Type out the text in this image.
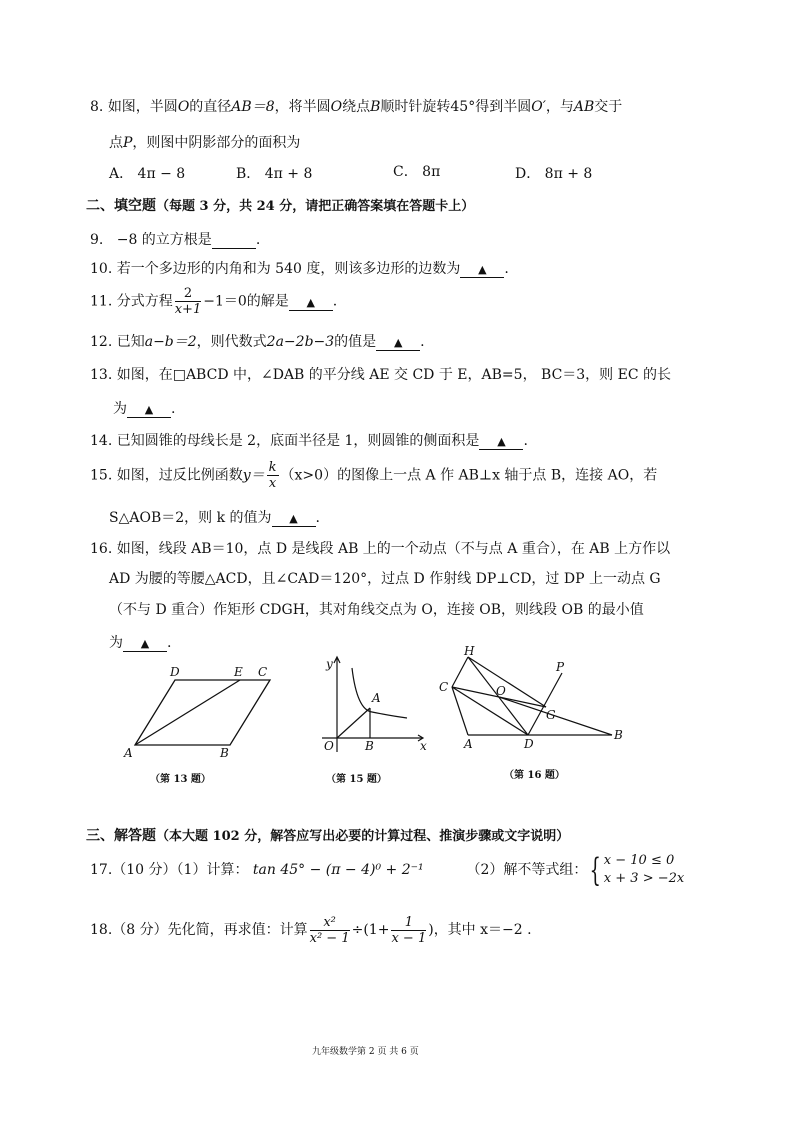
8. 如图，半圆O的直径AB＝8，将半圆O绕点B顺时针旋转45°得到半圆O′，与AB交于
点P，则图中阴影部分的面积为
A． 4π − 8	B． 4π + 8	C． 8π	D． 8π + 8
二、填空题（每题 3 分，共 24 分，请把正确答案填在答题卡上）
9. −8 的立方根是	.
10. 若一个多边形的内角和为 540 度，则该多边形的边数为 ▲ .
11. 分式方程 $\frac{2}{x+1} -1=0$的解是 ▲ .
12. 已知a−b＝2，则代数式2a−2b−3的值是 ▲ .
13. 如图，在□ABCD 中，∠DAB 的平分线 AE 交 CD 于 E，AB=5， BC＝3，则 EC 的长
为 ▲ .
14. 已知圆锥的母线长是 2，底面半径是 1，则圆锥的侧面积是 ▲ .
15. 如图，过反比例函数$y= \frac{k}{x} (x>0)$的图像上一点 A 作 AB⊥x 轴于点 B，连接 AO，若
S△AOB＝2，则 k 的值为 ▲ .
16. 如图，线段 AB＝10，点 D 是线段 AB 上的一个动点（不与点 A 重合），在 AB 上方作以
AD 为腰的等腰△ACD，且∠CAD＝120°，过点 D 作射线 DP⊥CD，过 DP 上一动点 G
（不与 D 重合）作矩形 CDGH，其对角线交点为 O，连接 OB，则线段 OB 的最小值
为 ▲ .
A	B
C
D	E
（第 13 题）
y
x
O
A
B
（第 15 题）
H
P
C	O
G
A	D
B
（第 16 题）
三、解答题（本大题 102 分，解答应写出必要的计算过程、推演步骤或文字说明）
17.（10 分）（1）计算： tan 45° − (π − 4)⁰ + 2⁻¹	（2）解不等式组：{ x − 10 ≤ 0
x + 3 > −2x
18.（8 分）先化简，再求值：计算 $\frac{\text{x²}}{\text{x² − 1}} \div(1+ \frac{1}{x - 1}$ )，其中 x＝−2 .
九年级数学第 2 页 共 6 页
